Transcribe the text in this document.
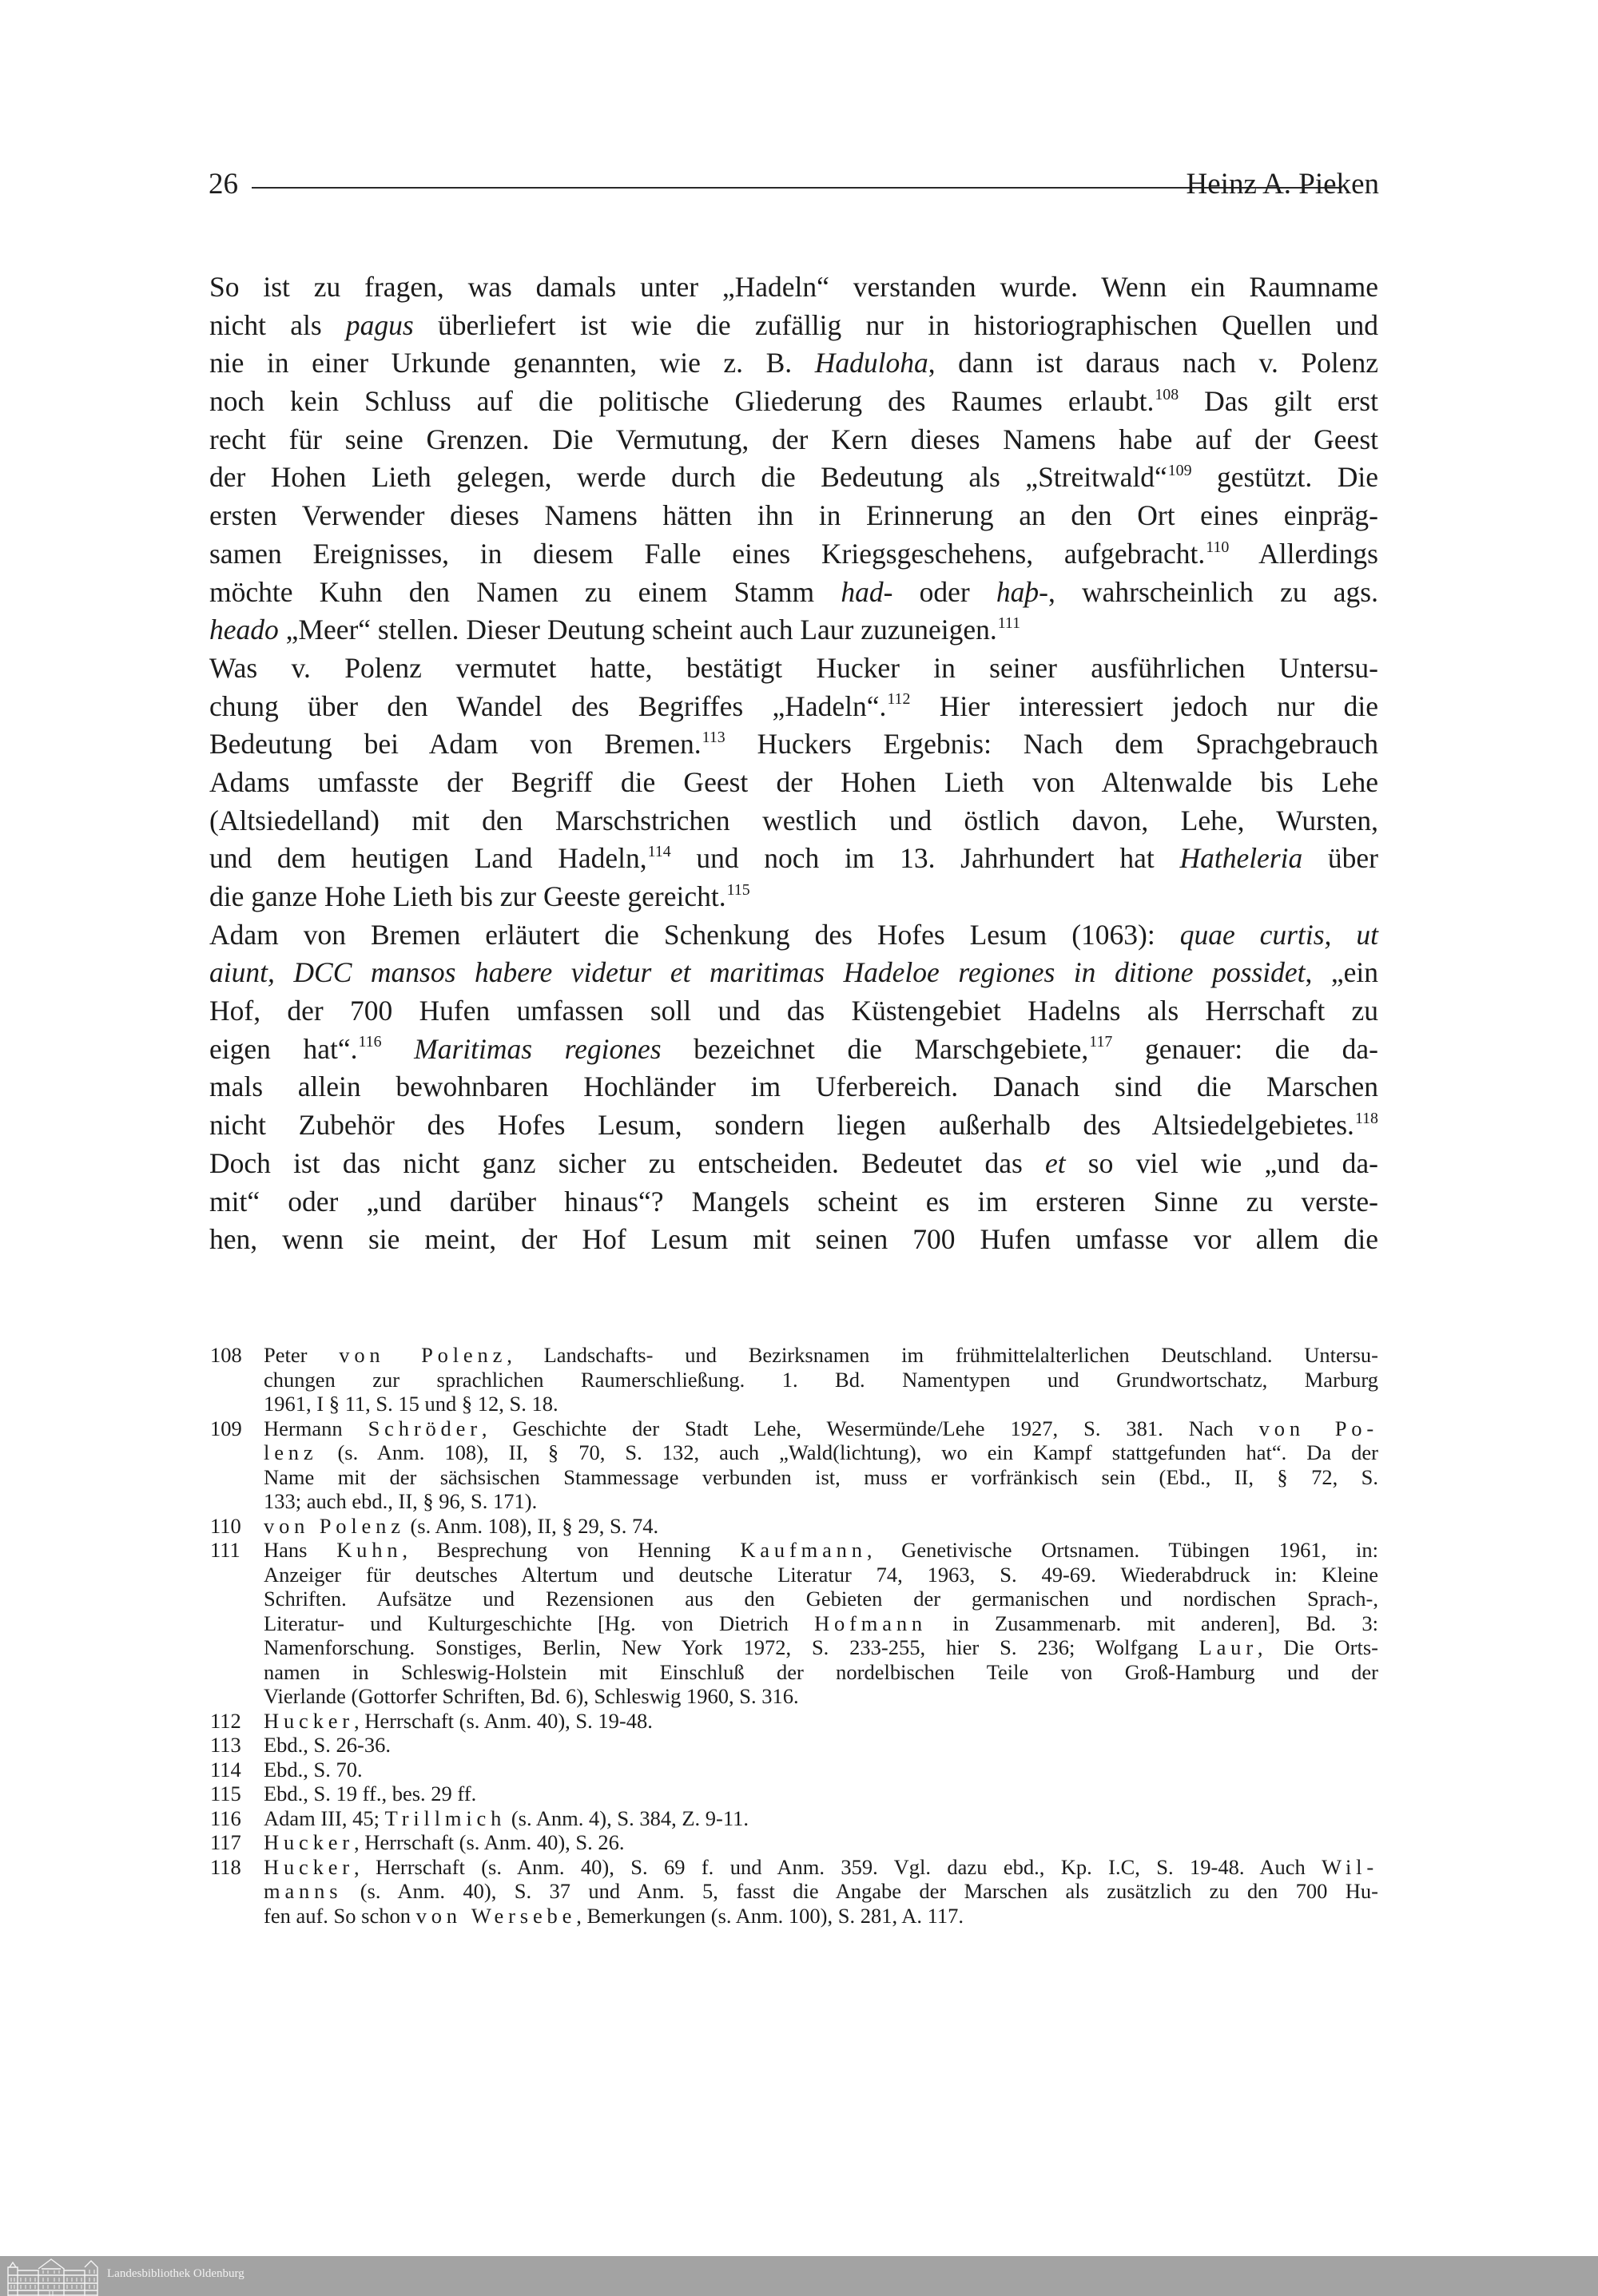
26	Heinz A. Pieken
So ist zu fragen, was damals unter „Hadeln“ verstanden wurde. Wenn ein Raumname
nicht als pagus überliefert ist wie die zufällig nur in historiographischen Quellen und
nie in einer Urkunde genannten, wie z. B. Haduloha, dann ist daraus nach v. Polenz
noch kein Schluss auf die politische Gliederung des Raumes erlaubt.$^{108}$ Das gilt erst
recht für seine Grenzen. Die Vermutung, der Kern dieses Namens habe auf der Geest
der Hohen Lieth gelegen, werde durch die Bedeutung als „Streitwald“$^{109}$ gestützt. Die
ersten Verwender dieses Namens hätten ihn in Erinnerung an den Ort eines einpräg-
samen Ereignisses, in diesem Falle eines Kriegsgeschehens, aufgebracht.$^{110}$ Allerdings
möchte Kuhn den Namen zu einem Stamm had- oder haþ-, wahrscheinlich zu ags.
heado „Meer“ stellen. Dieser Deutung scheint auch Laur zuzuneigen.$^{111}$
Was v. Polenz vermutet hatte, bestätigt Hucker in seiner ausführlichen Untersu-
chung über den Wandel des Begriffes „Hadeln“.$^{112}$ Hier interessiert jedoch nur die
Bedeutung bei Adam von Bremen.$^{113}$ Huckers Ergebnis: Nach dem Sprachgebrauch
Adams umfasste der Begriff die Geest der Hohen Lieth von Altenwalde bis Lehe
(Altsiedelland) mit den Marschstrichen westlich und östlich davon, Lehe, Wursten,
und dem heutigen Land Hadeln,$^{114}$ und noch im 13. Jahrhundert hat Hatheleria über
die ganze Hohe Lieth bis zur Geeste gereicht.$^{115}$
Adam von Bremen erläutert die Schenkung des Hofes Lesum (1063): quae curtis, ut
aiunt, DCC mansos habere videtur et maritimas Hadeloe regiones in ditione possidet, „ein
Hof, der 700 Hufen umfassen soll und das Küstengebiet Hadelns als Herrschaft zu
eigen hat“.$^{116}$ Maritimas regiones bezeichnet die Marschgebiete,$^{117}$ genauer: die da-
mals allein bewohnbaren Hochländer im Uferbereich. Danach sind die Marschen
nicht Zubehör des Hofes Lesum, sondern liegen außerhalb des Altsiedelgebietes.$^{118}$
Doch ist das nicht ganz sicher zu entscheiden. Bedeutet das et so viel wie „und da-
mit“ oder „und darüber hinaus“? Mangels scheint es im ersteren Sinne zu verste-
hen, wenn sie meint, der Hof Lesum mit seinen 700 Hufen umfasse vor allem die
108 Peter von Polenz, Landschafts- und Bezirksnamen im frühmittelalterlichen Deutschland. Untersu-
chungen zur sprachlichen Raumerschließung. 1. Bd. Namentypen und Grundwortschatz, Marburg
1961, I § 11, S. 15 und § 12, S. 18.
109 Hermann Schröder, Geschichte der Stadt Lehe, Wesermünde/Lehe 1927, S. 381. Nach von Po-
lenz (s. Anm. 108), II, § 70, S. 132, auch „Wald(lichtung), wo ein Kampf stattgefunden hat“. Da der
Name mit der sächsischen Stammessage verbunden ist, muss er vorfränkisch sein (Ebd., II, § 72, S.
133; auch ebd., II, § 96, S. 171).
110 von Polenz (s. Anm. 108), II, § 29, S. 74.
111 Hans Kuhn, Besprechung von Henning Kaufmann, Genetivische Ortsnamen. Tübingen 1961, in:
Anzeiger für deutsches Altertum und deutsche Literatur 74, 1963, S. 49-69. Wiederabdruck in: Kleine
Schriften. Aufsätze und Rezensionen aus den Gebieten der germanischen und nordischen Sprach-,
Literatur- und Kulturgeschichte [Hg. von Dietrich Hofmann in Zusammenarb. mit anderen], Bd. 3:
Namenforschung. Sonstiges, Berlin, New York 1972, S. 233-255, hier S. 236; Wolfgang Laur, Die Orts-
namen in Schleswig-Holstein mit Einschluß der nordelbischen Teile von Groß-Hamburg und der
Vierlande (Gottorfer Schriften, Bd. 6), Schleswig 1960, S. 316.
112 Hucker, Herrschaft (s. Anm. 40), S. 19-48.
113 Ebd., S. 26-36.
114 Ebd., S. 70.
115 Ebd., S. 19 ff., bes. 29 ff.
116 Adam III, 45; Trillmich (s. Anm. 4), S. 384, Z. 9-11.
117 Hucker, Herrschaft (s. Anm. 40), S. 26.
118 Hucker, Herrschaft (s. Anm. 40), S. 69 f. und Anm. 359. Vgl. dazu ebd., Kp. I.C, S. 19-48. Auch Wil-
manns (s. Anm. 40), S. 37 und Anm. 5, fasst die Angabe der Marschen als zusätzlich zu den 700 Hu-
fen auf. So schon von Wersebe, Bemerkungen (s. Anm. 100), S. 281, A. 117.
Landesbibliothek Oldenburg
